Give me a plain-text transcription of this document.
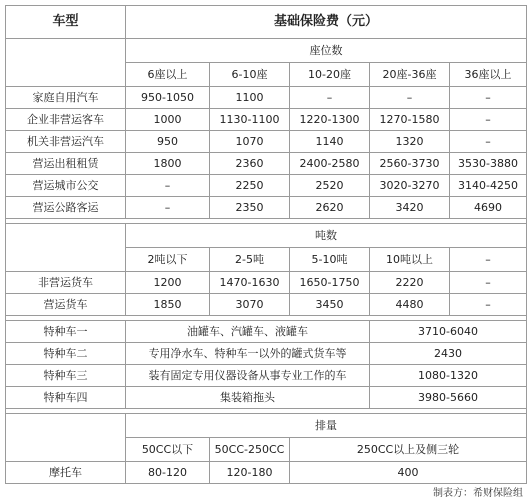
车型	基础保险费（元）				
	座位数				
	6座以上	6-10座	10-20座	20座-36座	36座以上
家庭自用汽车	950-1050	1100	–	–	–
企业非营运客车	1000	1130-1100	1220-1300	1270-1580	–
机关非营运汽车	950	1070	1140	1320	–
营运出租租赁	1800	2360	2400-2580	2560-3730	3530-3880
营运城市公交	–	2250	2520	3020-3270	3140-4250
营运公路客运	–	2350	2620	3420	4690

	吨数				
	2吨以下	2-5吨	5-10吨	10吨以上	–
非营运货车	1200	1470-1630	1650-1750	2220	–
营运货车	1850	3070	3450	4480	–

特种车一	油罐车、汽罐车、液罐车			3710-6040	
特种车二	专用净水车、特种车一以外的罐式货车等			2430	
特种车三	装有固定专用仪器设备从事专业工作的车			1080-1320	
特种车四	集装箱拖头			3980-5660	

	排量				
	50CC以下	50CC-250CC	250CC以上及侧三轮		
摩托车	80-120	120-180	400		
制表方：希财保险组
